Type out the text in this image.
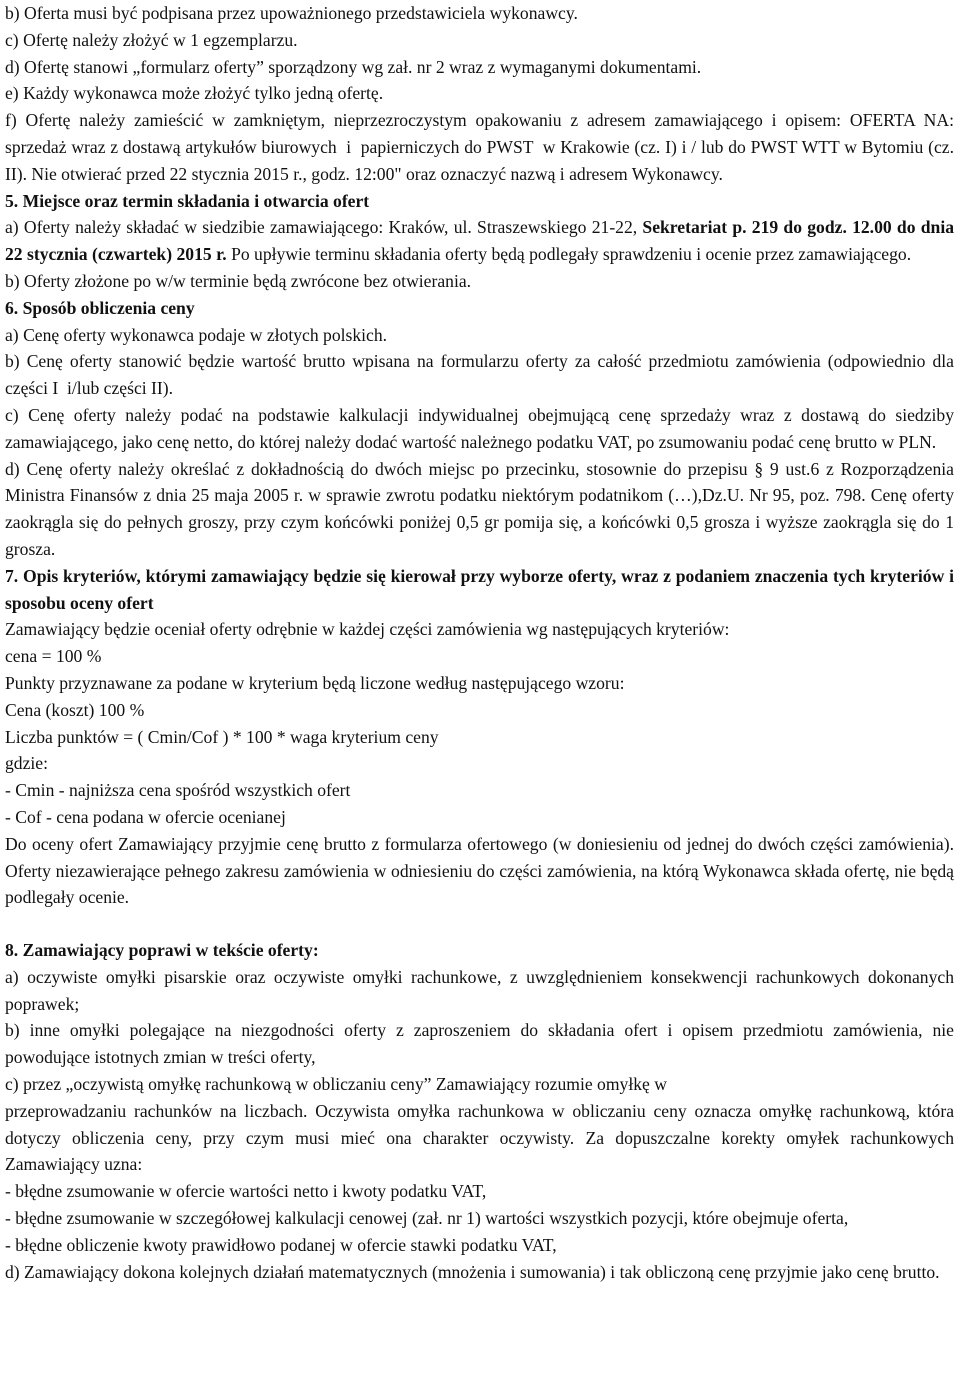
b) Oferta musi być podpisana przez upoważnionego przedstawiciela wykonawcy.

c) Ofertę należy złożyć w 1 egzemplarzu.

d) Ofertę stanowi „formularz oferty” sporządzony wg zał. nr 2 wraz z wymaganymi dokumentami.

e) Każdy wykonawca może złożyć tylko jedną ofertę.

f) Ofertę należy zamieścić w zamkniętym, nieprzezroczystym opakowaniu z adresem zamawiającego i opisem: OFERTA NA: sprzedaż wraz z dostawą artykułów biurowych  i  papierniczych do PWST  w Krakowie (cz. I) i / lub do PWST WTT w Bytomiu (cz. II). Nie otwierać przed 22 stycznia 2015 r., godz. 12:00" oraz oznaczyć nazwą i adresem Wykonawcy.

5. Miejsce oraz termin składania i otwarcia ofert

a) Oferty należy składać w siedzibie zamawiającego: Kraków, ul. Straszewskiego 21-22, Sekretariat p. 219 do godz. 12.00 do dnia 22 stycznia (czwartek) 2015 r. Po upływie terminu składania oferty będą podlegały sprawdzeniu i ocenie przez zamawiającego.

b) Oferty złożone po w/w terminie będą zwrócone bez otwierania.

6. Sposób obliczenia ceny

a) Cenę oferty wykonawca podaje w złotych polskich.

b) Cenę oferty stanowić będzie wartość brutto wpisana na formularzu oferty za całość przedmiotu zamówienia (odpowiednio dla części I  i/lub części II).

c) Cenę oferty należy podać na podstawie kalkulacji indywidualnej obejmującą cenę sprzedaży wraz z dostawą do siedziby zamawiającego, jako cenę netto, do której należy dodać wartość należnego podatku VAT, po zsumowaniu podać cenę brutto w PLN.

d) Cenę oferty należy określać z dokładnością do dwóch miejsc po przecinku, stosownie do przepisu § 9 ust.6 z Rozporządzenia Ministra Finansów z dnia 25 maja 2005 r. w sprawie zwrotu podatku niektórym podatnikom (…),Dz.U. Nr 95, poz. 798. Cenę oferty zaokrągla się do pełnych groszy, przy czym końcówki poniżej 0,5 gr pomija się, a końcówki 0,5 grosza i wyższe zaokrągla się do 1 grosza.

7. Opis kryteriów, którymi zamawiający będzie się kierował przy wyborze oferty, wraz z podaniem znaczenia tych kryteriów i sposobu oceny ofert

Zamawiający będzie oceniał oferty odrębnie w każdej części zamówienia wg następujących kryteriów:

cena = 100 %

Punkty przyznawane za podane w kryterium będą liczone według następującego wzoru:

Cena (koszt) 100 %

Liczba punktów = ( Cmin/Cof ) * 100 * waga kryterium ceny

gdzie:

- Cmin - najniższa cena spośród wszystkich ofert

- Cof - cena podana w ofercie ocenianej

Do oceny ofert Zamawiający przyjmie cenę brutto z formularza ofertowego (w doniesieniu od jednej do dwóch części zamówienia). Oferty niezawierające pełnego zakresu zamówienia w odniesieniu do części zamówienia, na którą Wykonawca składa ofertę, nie będą podlegały ocenie.

8. Zamawiający poprawi w tekście oferty:

a) oczywiste omyłki pisarskie oraz oczywiste omyłki rachunkowe, z uwzględnieniem konsekwencji rachunkowych dokonanych poprawek;

b) inne omyłki polegające na niezgodności oferty z zaproszeniem do składania ofert i opisem przedmiotu zamówienia, nie powodujące istotnych zmian w treści oferty,

c) przez „oczywistą omyłkę rachunkową w obliczaniu ceny” Zamawiający rozumie omyłkę w

przeprowadzaniu rachunków na liczbach. Oczywista omyłka rachunkowa w obliczaniu ceny oznacza omyłkę rachunkową, która dotyczy obliczenia ceny, przy czym musi mieć ona charakter oczywisty. Za dopuszczalne korekty omyłek rachunkowych Zamawiający uzna:

- błędne zsumowanie w ofercie wartości netto i kwoty podatku VAT,

- błędne zsumowanie w szczegółowej kalkulacji cenowej (zał. nr 1) wartości wszystkich pozycji, które obejmuje oferta,

- błędne obliczenie kwoty prawidłowo podanej w ofercie stawki podatku VAT,

d) Zamawiający dokona kolejnych działań matematycznych (mnożenia i sumowania) i tak obliczoną cenę przyjmie jako cenę brutto.
